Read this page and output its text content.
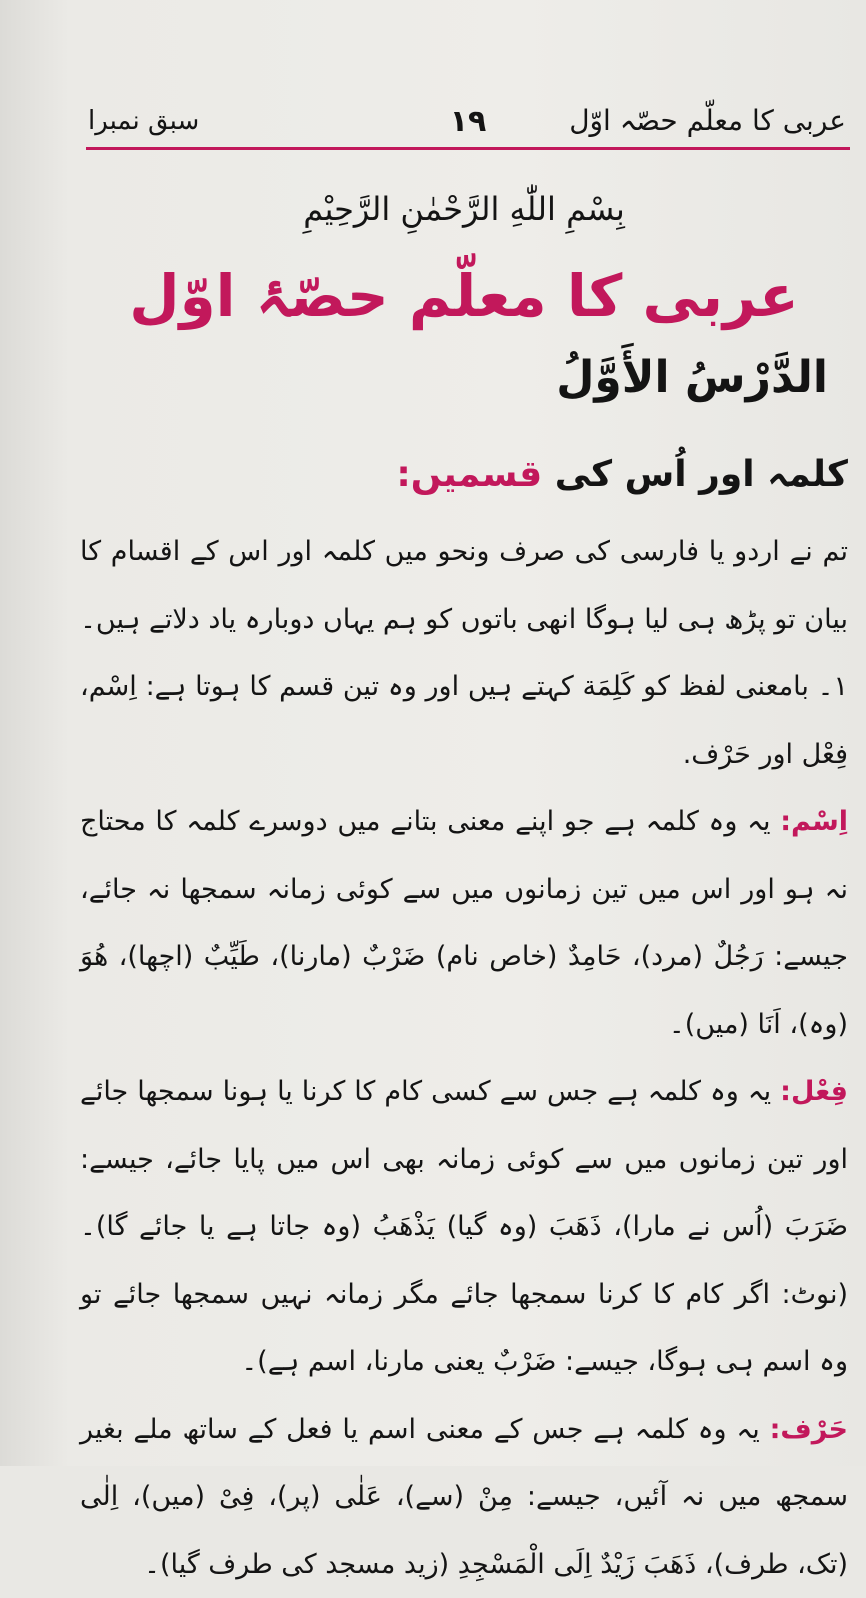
سبق نمبرا	۱۹	عربی کا معلّم حصّہ اوّل
بِسْمِ اللّٰهِ الرَّحْمٰنِ الرَّحِیْمِ
عربی کا معلّم حصّۂ اوّل
الدَّرْسُ الأَوَّلُ
کلمہ اور اُس کی قسمیں:

تم نے اردو یا فارسی کی صرف ونحو میں کلمہ اور اس کے اقسام کا بیان تو پڑھ ہی لیا ہوگا انھی باتوں کو ہم یہاں دوبارہ یاد دلاتے ہیں۔

۱۔ بامعنی لفظ کو کَلِمَة کہتے ہیں اور وہ تین قسم کا ہوتا ہے: اِسْم، فِعْل اور حَرْف.

اِسْم: یہ وہ کلمہ ہے جو اپنے معنی بتانے میں دوسرے کلمہ کا محتاج نہ ہو اور اس میں تین زمانوں میں سے کوئی زمانہ سمجھا نہ جائے، جیسے: رَجُلٌ (مرد)، حَامِدٌ (خاص نام) ضَرْبٌ (مارنا)، طَیِّبٌ (اچھا)، هُوَ (وہ)، اَنَا (میں)۔

فِعْل: یہ وہ کلمہ ہے جس سے کسی کام کا کرنا یا ہونا سمجھا جائے اور تین زمانوں میں سے کوئی زمانہ بھی اس میں پایا جائے، جیسے: ضَرَبَ (اُس نے مارا)، ذَهَبَ (وہ گیا) یَذْهَبُ (وہ جاتا ہے یا جائے گا)۔ (نوٹ: اگر کام کا کرنا سمجھا جائے مگر زمانہ نہیں سمجھا جائے تو وہ اسم ہی ہوگا، جیسے: ضَرْبٌ یعنی مارنا، اسم ہے)۔

حَرْف: یہ وہ کلمہ ہے جس کے معنی اسم یا فعل کے ساتھ ملے بغیر سمجھ میں نہ آئیں، جیسے: مِنْ (سے)، عَلٰی (پر)، فِیْ (میں)، اِلٰی (تک، طرف)، ذَهَبَ زَیْدٌ اِلَی الْمَسْجِدِ (زید مسجد کی طرف گیا)۔
